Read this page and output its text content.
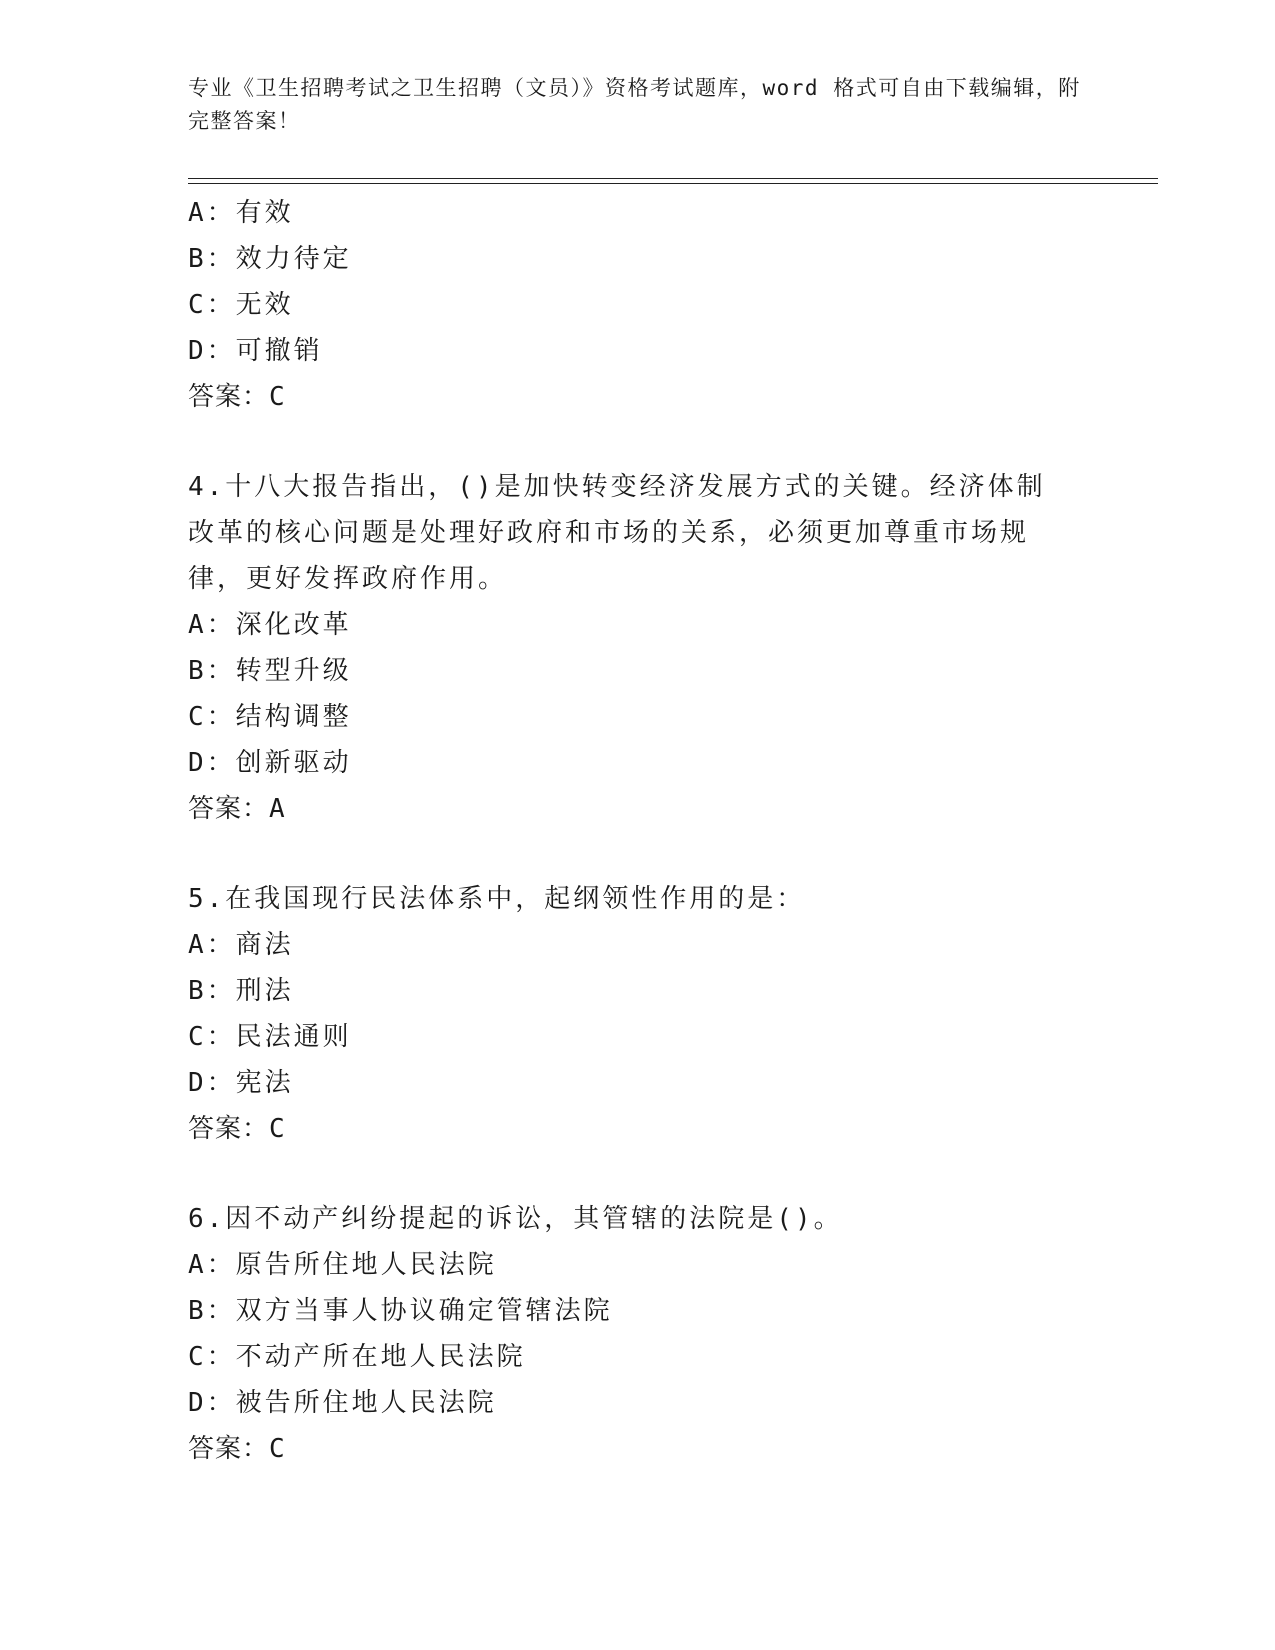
专业《卫生招聘考试之卫生招聘（文员）》资格考试题库，word 格式可自由下载编辑，附完整答案！
A：有效
B：效力待定
C：无效
D：可撤销
答案：C
4.十八大报告指出，()是加快转变经济发展方式的关键。经济体制改革的核心问题是处理好政府和市场的关系，必须更加尊重市场规律，更好发挥政府作用。
A：深化改革
B：转型升级
C：结构调整
D：创新驱动
答案：A
5.在我国现行民法体系中，起纲领性作用的是：
A：商法
B：刑法
C：民法通则
D：宪法
答案：C
6.因不动产纠纷提起的诉讼，其管辖的法院是()。
A：原告所住地人民法院
B：双方当事人协议确定管辖法院
C：不动产所在地人民法院
D：被告所住地人民法院
答案：C
